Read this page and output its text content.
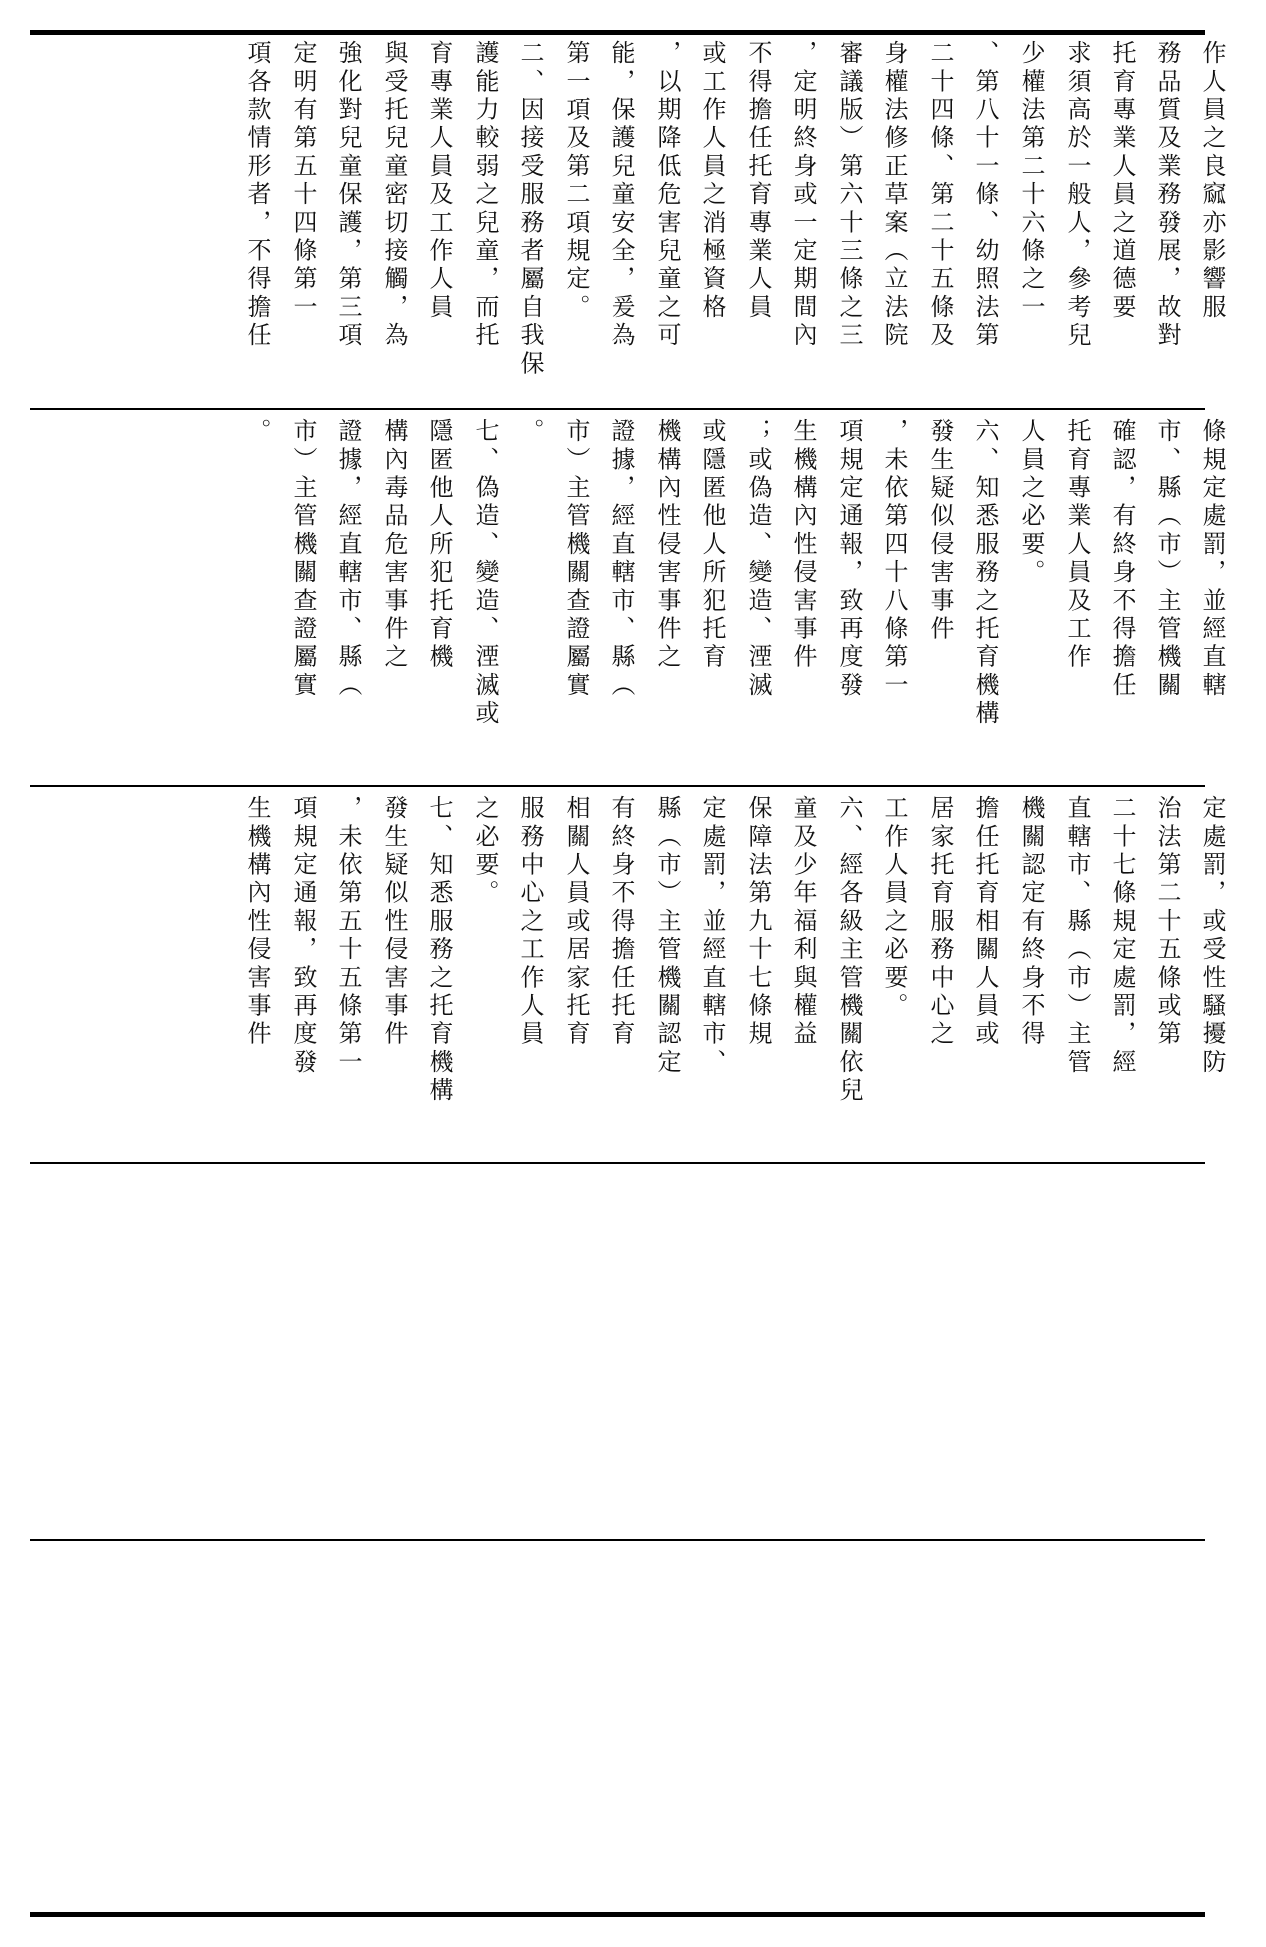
作人員之良窳亦影響服
務品質及業務發展，故對
托育專業人員之道德要
求須高於一般人，參考兒
少權法第二十六條之一
、第八十一條、幼照法第
二十四條、第二十五條及
身權法修正草案（立法院
審議版）第六十三條之三
，定明終身或一定期間內
不得擔任托育專業人員
或工作人員之消極資格
，以期降低危害兒童之可
能，保護兒童安全，爰為
第一項及第二項規定。
二、因接受服務者屬自我保
護能力較弱之兒童，而托
育專業人員及工作人員
與受托兒童密切接觸，為
強化對兒童保護，第三項
定明有第五十四條第一
項各款情形者，不得擔任
條規定處罰，並經直轄
市、縣（市）主管機關
確認，有終身不得擔任
托育專業人員及工作
人員之必要。
六、知悉服務之托育機構
發生疑似侵害事件
，未依第四十八條第一
項規定通報，致再度發
生機構內性侵害事件
；或偽造、變造、湮滅
或隱匿他人所犯托育
機構內性侵害事件之
證據，經直轄市、縣（
市）主管機關查證屬實
。
七、偽造、變造、湮滅或
隱匿他人所犯托育機
構內毒品危害事件之
證據，經直轄市、縣（
市）主管機關查證屬實
。
定處罰，或受性騷擾防
治法第二十五條或第
二十七條規定處罰，經
直轄市、縣（市）主管
機關認定有終身不得
擔任托育相關人員或
居家托育服務中心之
工作人員之必要。
六、經各級主管機關依兒
童及少年福利與權益
保障法第九十七條規
定處罰，並經直轄市、
縣（市）主管機關認定
有終身不得擔任托育
相關人員或居家托育
服務中心之工作人員
之必要。
七、知悉服務之托育機構
發生疑似性侵害事件
，未依第五十五條第一
項規定通報，致再度發
生機構內性侵害事件
